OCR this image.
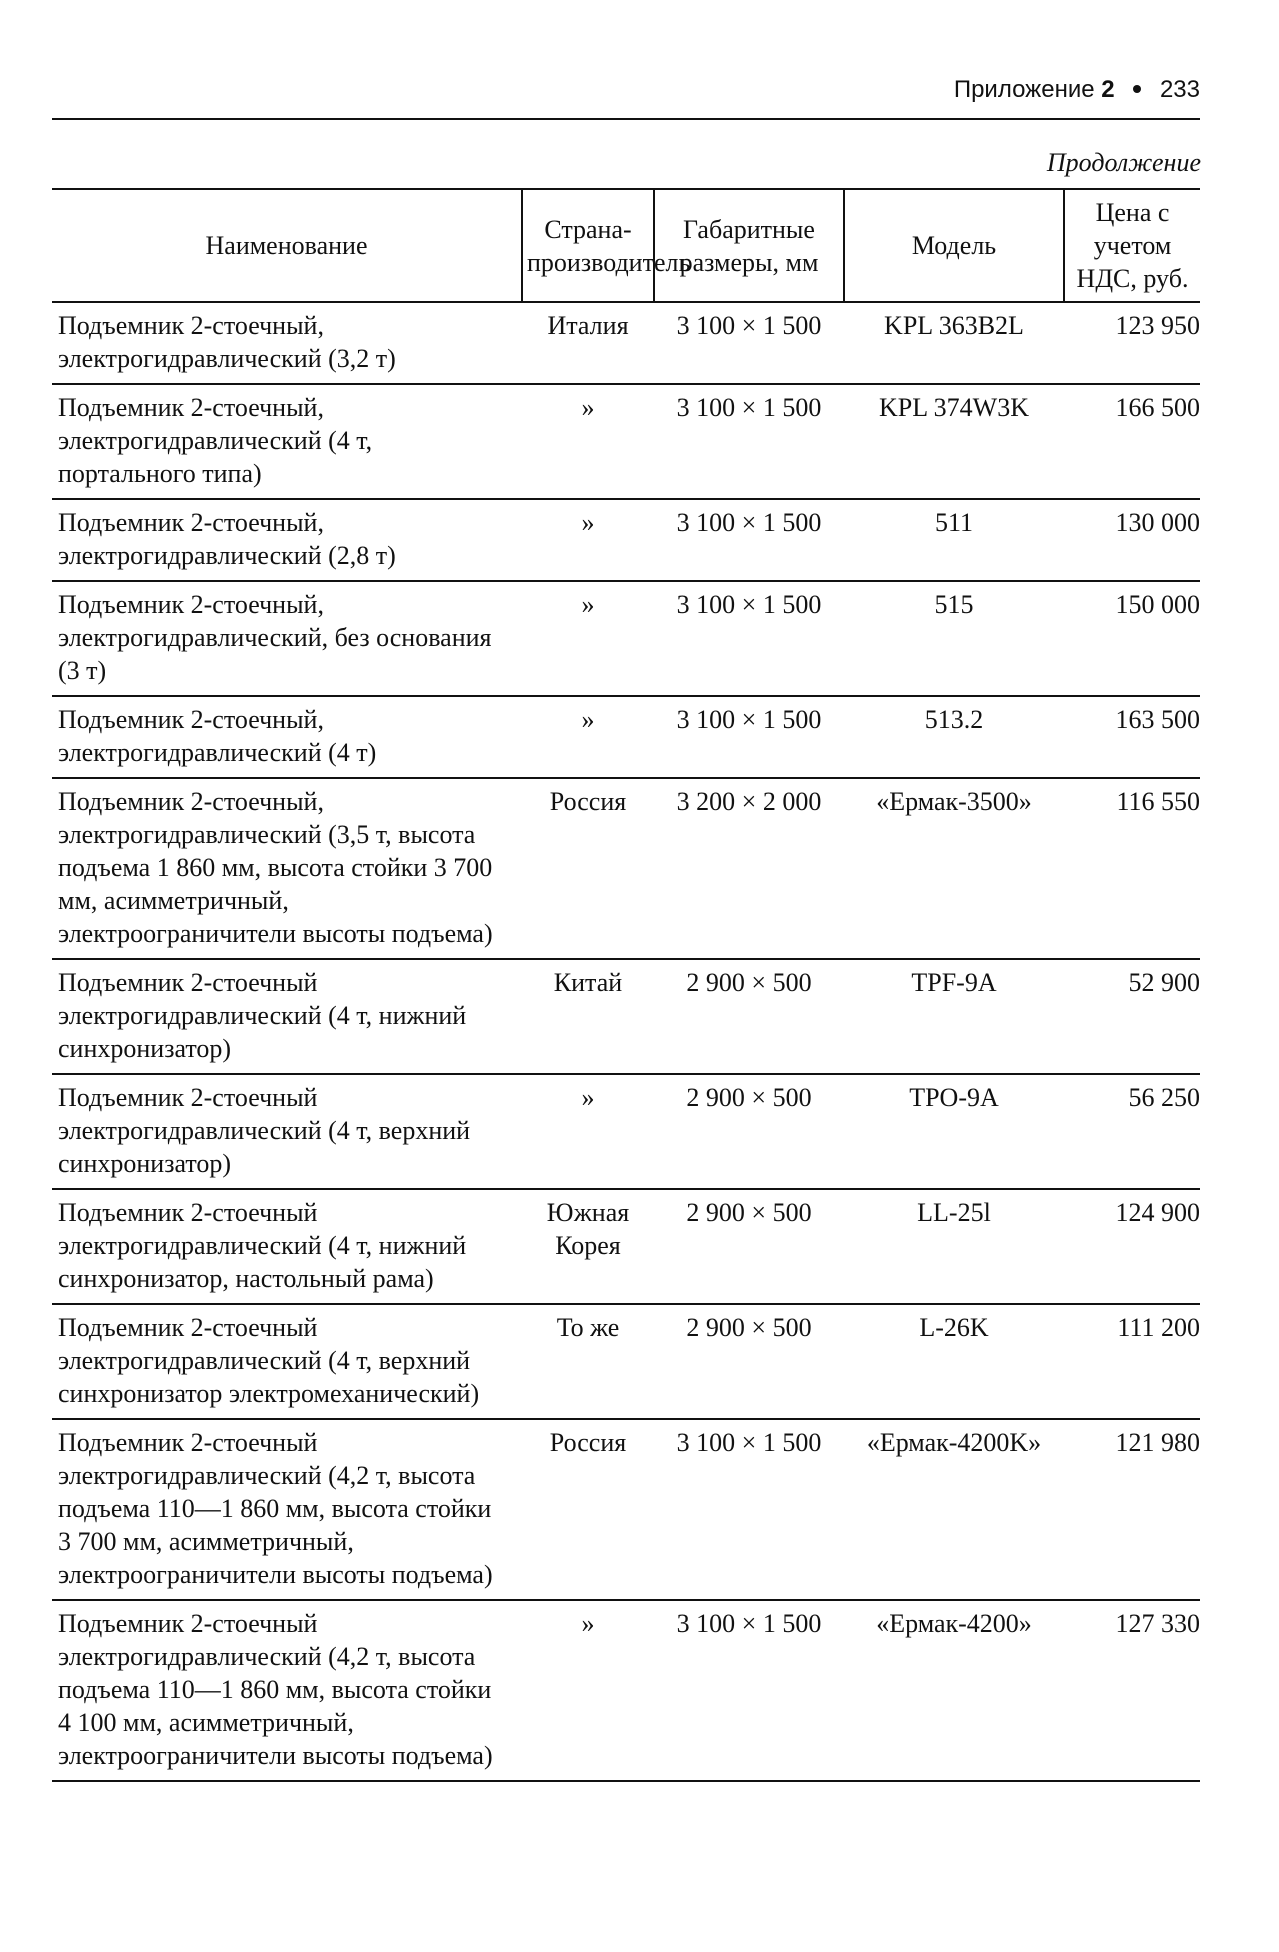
Приложение 2 233
Продолжение
Наименование	Страна-производитель	Габаритные размеры, мм	Модель	Цена с учетом НДС, руб.
Подъемник 2-стоечный, электрогидравлический (3,2 т)	Италия	3 100 × 1 500	KPL 363B2L	123 950
Подъемник 2-стоечный, электрогидравлический (4 т, портального типа)	»	3 100 × 1 500	KPL 374W3K	166 500
Подъемник 2-стоечный, электрогидравлический (2,8 т)	»	3 100 × 1 500	511	130 000
Подъемник 2-стоечный, электрогидравлический, без основания (3 т)	»	3 100 × 1 500	515	150 000
Подъемник 2-стоечный, электрогидравлический (4 т)	»	3 100 × 1 500	513.2	163 500
Подъемник 2-стоечный, электрогидравлический (3,5 т, высота подъема 1 860 мм, высота стойки 3 700 мм, асимметричный, электроограничители высоты подъема)	Россия	3 200 × 2 000	«Ермак-3500»	116 550
Подъемник 2-стоечный электрогидравлический (4 т, нижний синхронизатор)	Китай	2 900 × 500	TPF-9A	52 900
Подъемник 2-стоечный электрогидравлический (4 т, верхний синхронизатор)	»	2 900 × 500	TPO-9A	56 250
Подъемник 2-стоечный электрогидравлический (4 т, нижний синхронизатор, настольный рама)	Южная Корея	2 900 × 500	LL-25l	124 900
Подъемник 2-стоечный электрогидравлический (4 т, верхний синхронизатор электромеханический)	То же	2 900 × 500	L-26K	111 200
Подъемник 2-стоечный электрогидравлический (4,2 т, высота подъема 110—1 860 мм, высота стойки 3 700 мм, асимметричный, электроограничители высоты подъема)	Россия	3 100 × 1 500	«Ермак-4200K»	121 980
Подъемник 2-стоечный электрогидравлический (4,2 т, высота подъема 110—1 860 мм, высота стойки 4 100 мм, асимметричный, электроограничители высоты подъема)	»	3 100 × 1 500	«Ермак-4200»	127 330
